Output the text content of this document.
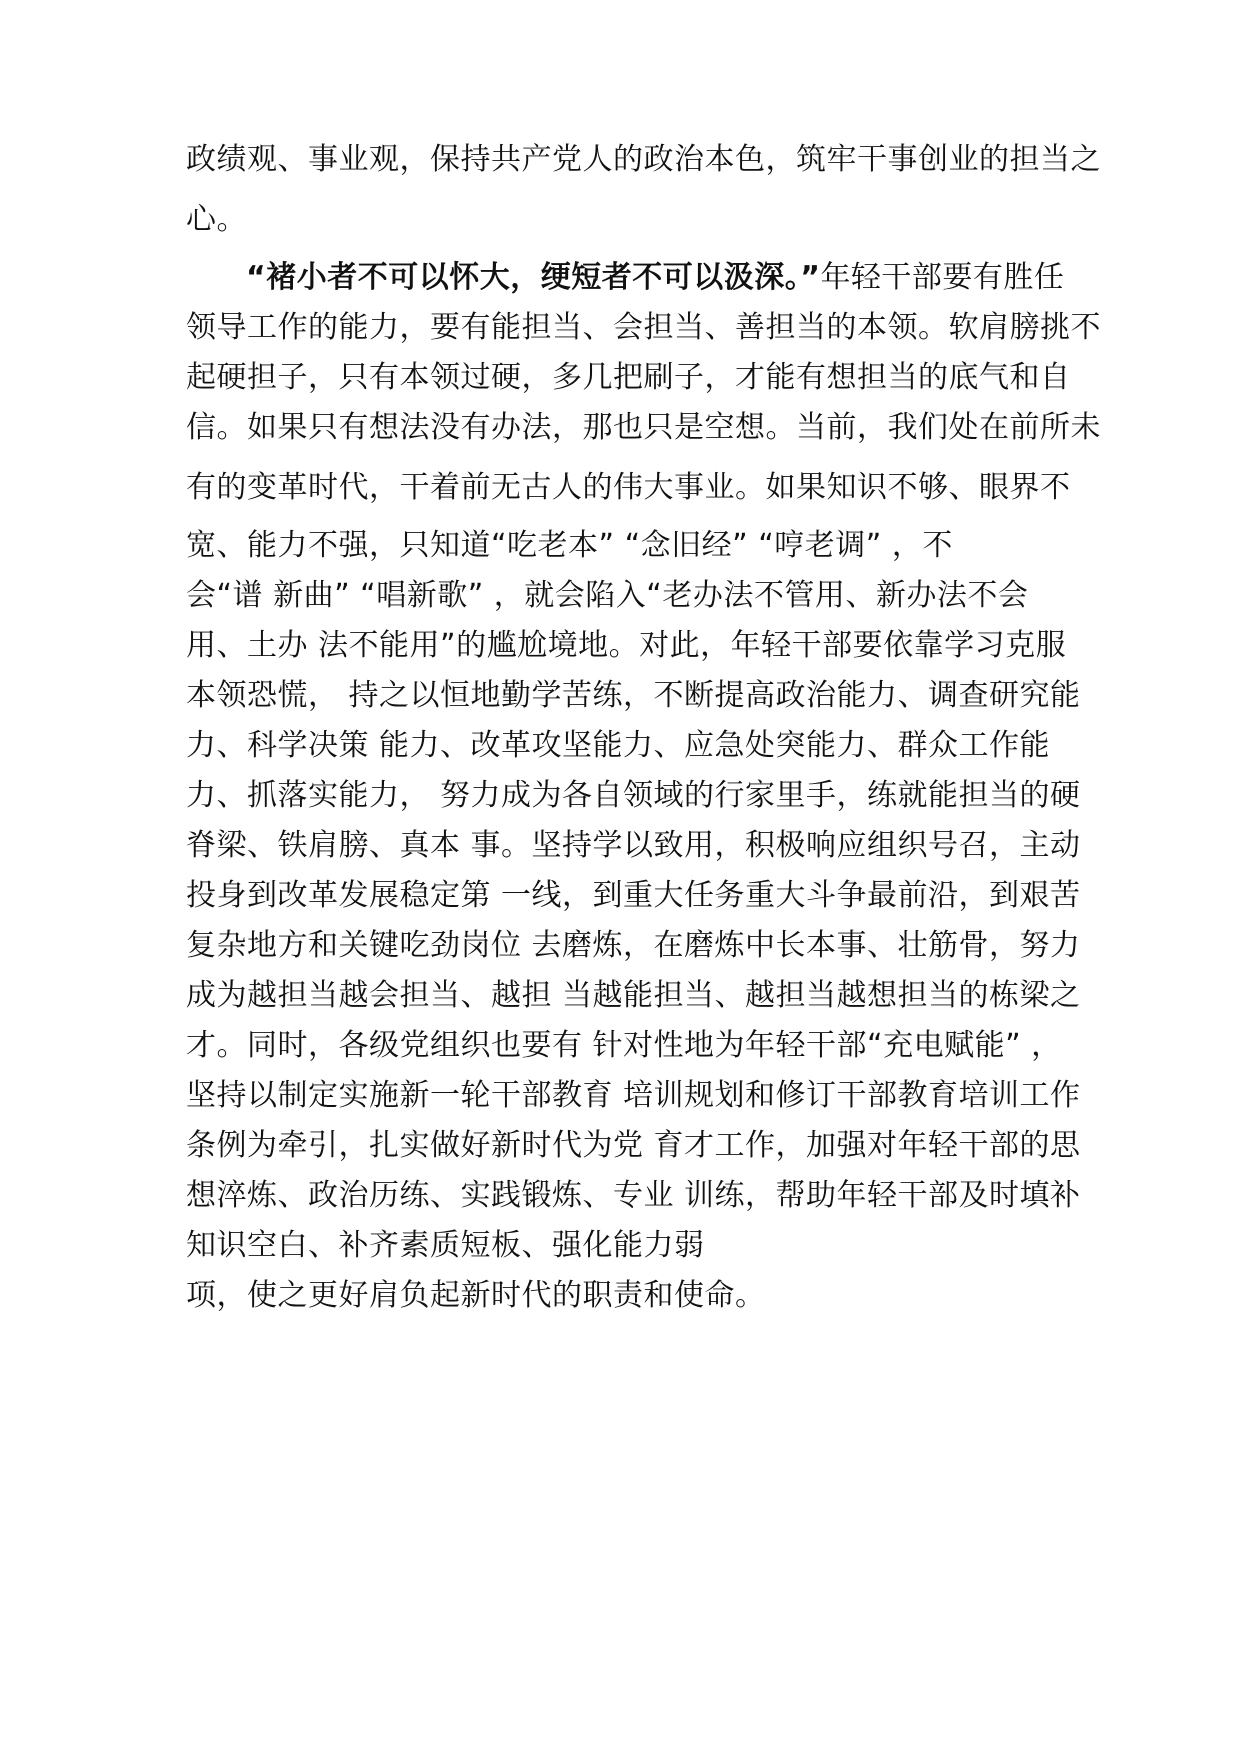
政绩观、事业观，保持共产党人的政治本色，筑牢干事创业的担当之
心。
“褚小者不可以怀大，绠短者不可以汲深。”年轻干部要有胜任
领导工作的能力，要有能担当、会担当、善担当的本领。软肩膀挑不
起硬担子，只有本领过硬，多几把刷子，才能有想担当的底气和自
信。如果只有想法没有办法，那也只是空想。当前，我们处在前所未
有的变革时代，干着前无古人的伟大事业。如果知识不够、眼界不
宽、能力不强，只知道“吃老本” “念旧经” “哼老调” ，不
会“谱 新曲” “唱新歌” ，就会陷入“老办法不管用、新办法不会
用、土办 法不能用”的尴尬境地。对此，年轻干部要依靠学习克服
本领恐慌， 持之以恒地勤学苦练，不断提高政治能力、调查研究能
力、科学决策 能力、改革攻坚能力、应急处突能力、群众工作能
力、抓落实能力， 努力成为各自领域的行家里手，练就能担当的硬
脊梁、铁肩膀、真本 事。坚持学以致用，积极响应组织号召，主动
投身到改革发展稳定第 一线，到重大任务重大斗争最前沿，到艰苦
复杂地方和关键吃劲岗位 去磨炼，在磨炼中长本事、壮筋骨，努力
成为越担当越会担当、越担 当越能担当、越担当越想担当的栋梁之
才。同时，各级党组织也要有 针对性地为年轻干部“充电赋能” ，
坚持以制定实施新一轮干部教育 培训规划和修订干部教育培训工作
条例为牵引，扎实做好新时代为党 育才工作，加强对年轻干部的思
想淬炼、政治历练、实践锻炼、专业 训练，帮助年轻干部及时填补
知识空白、补齐素质短板、强化能力弱
项，使之更好肩负起新时代的职责和使命。
